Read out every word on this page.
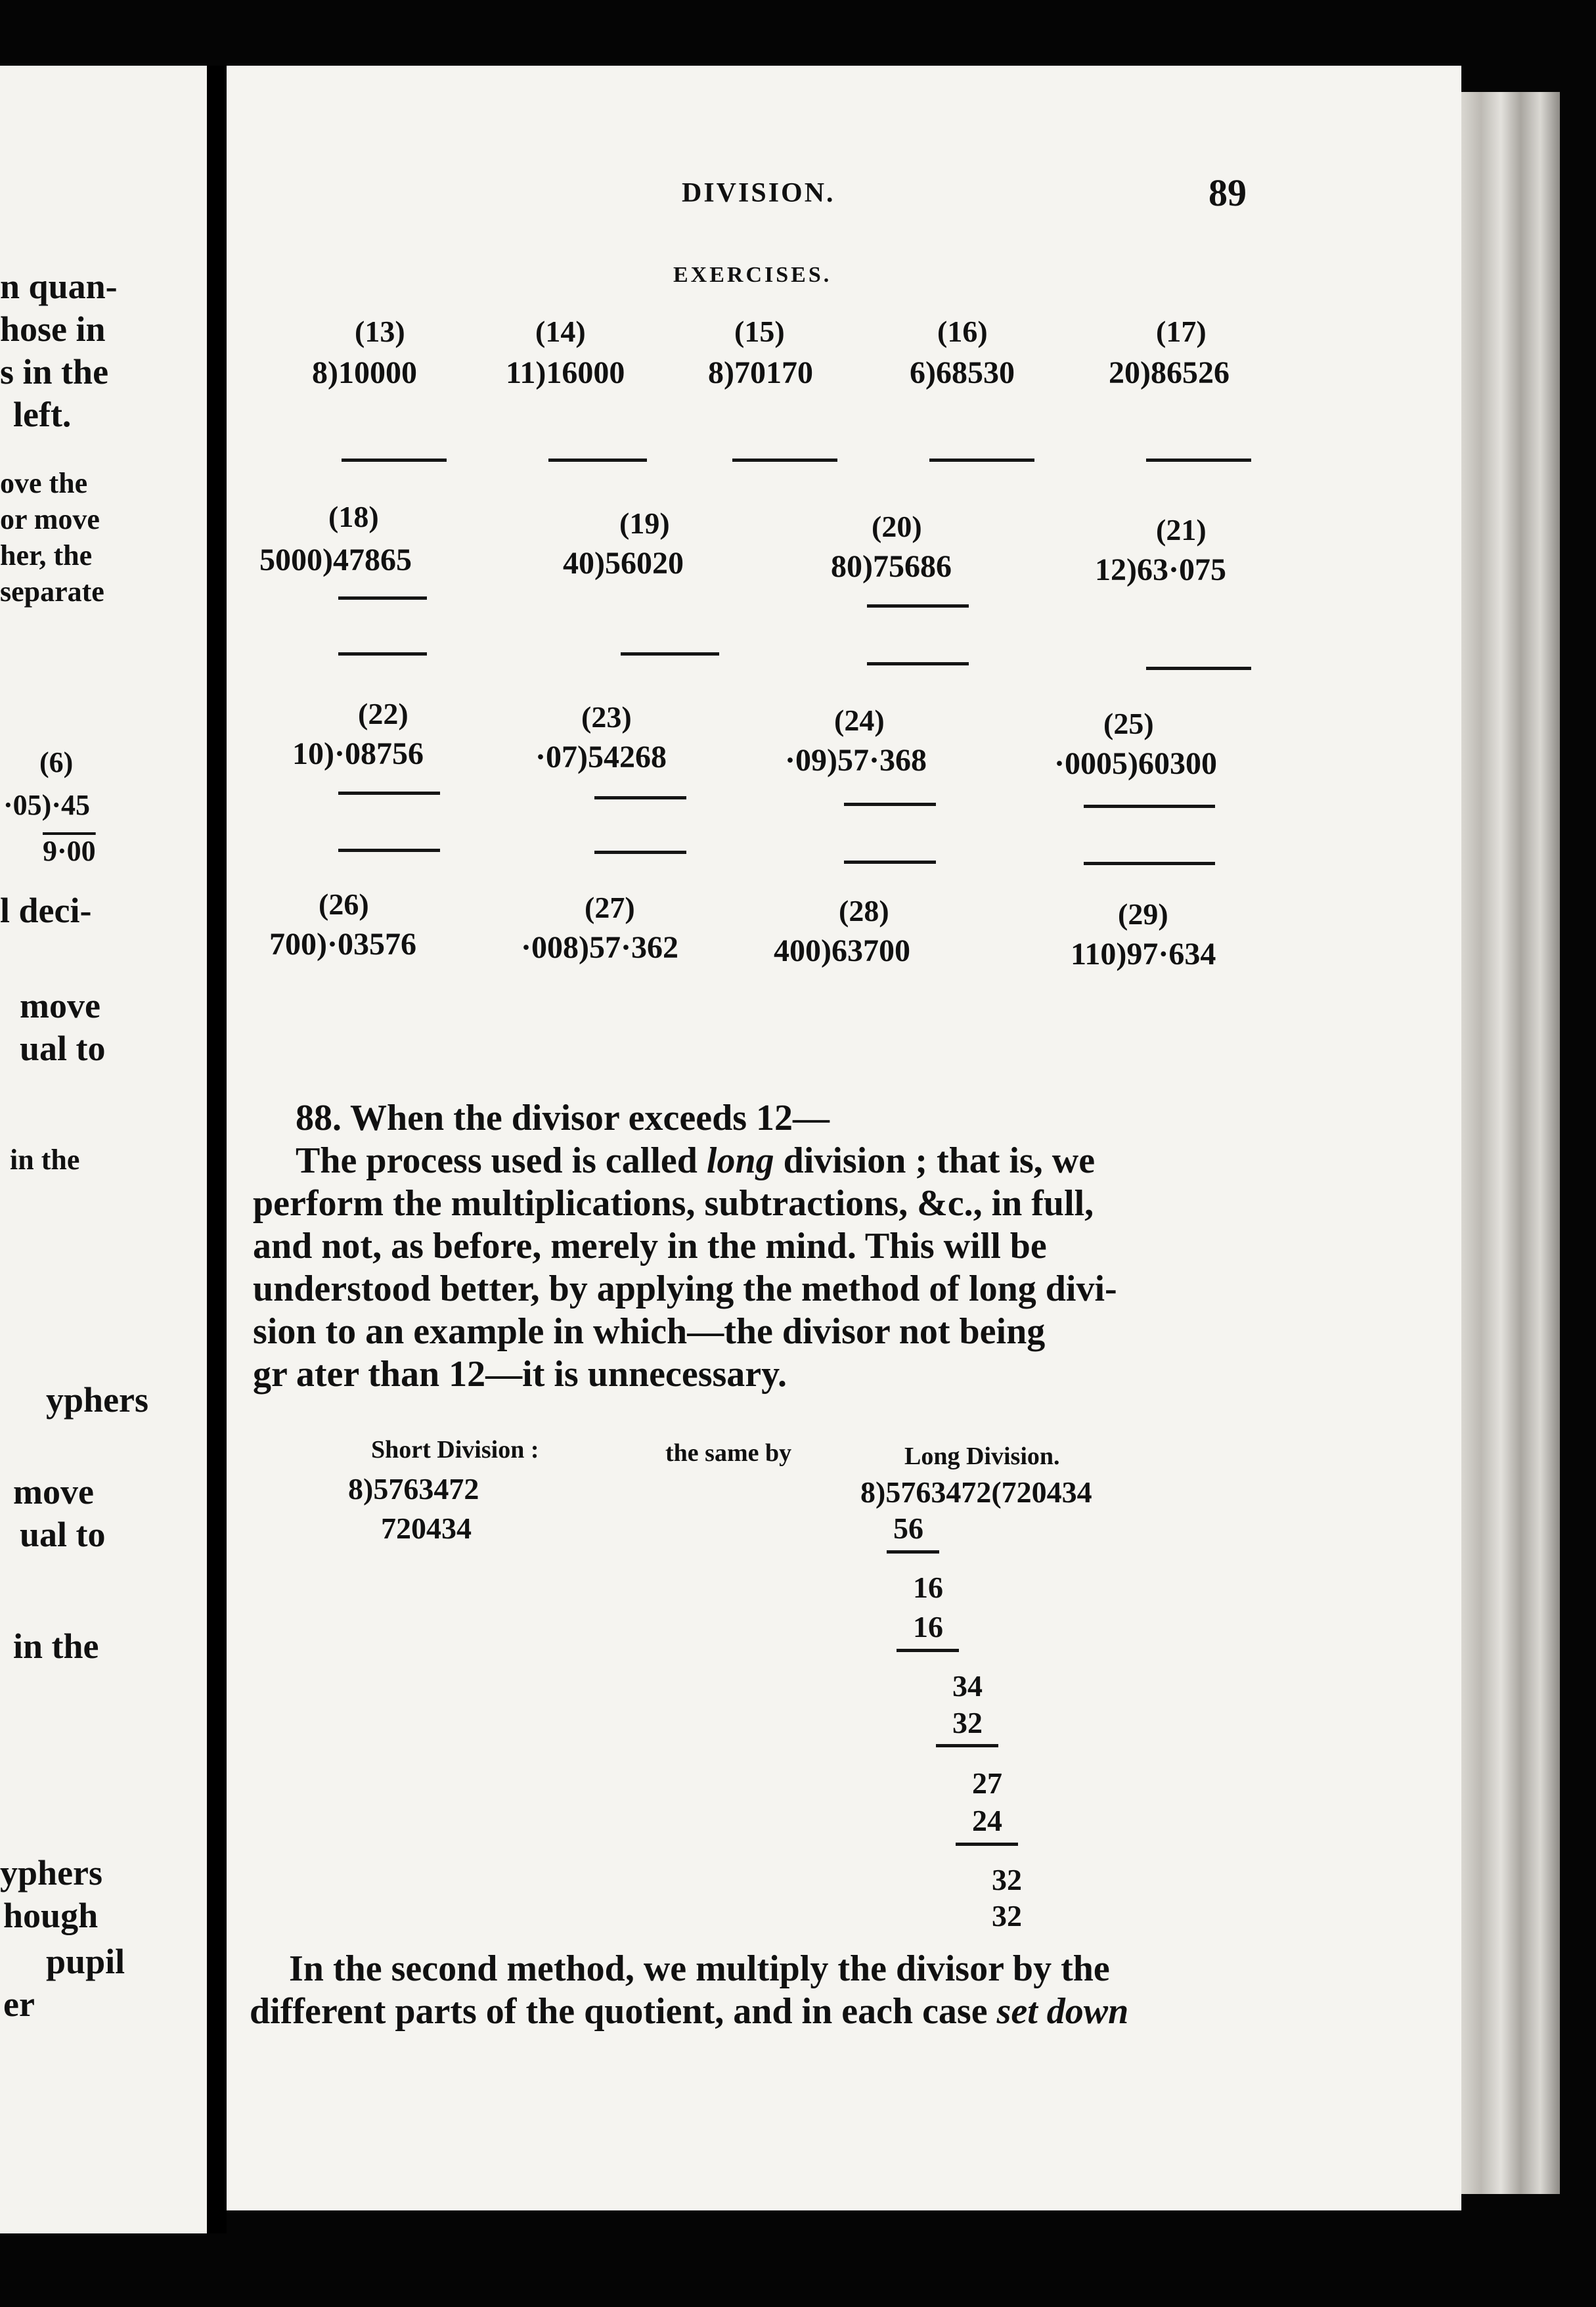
n quan-
hose in
s in the
left.
ove the
or move
her, the
separate
(6)
·05)·45
9·00
l deci-
move
ual to
in the
yphers
move
ual to
in the
yphers
hough
pupil
er
DIVISION.	89
EXERCISES.
(13)
8)10000
(14)
11)16000
(15)
8)70170
(16)
6)68530
(17)
20)86526
(18)
5000)47865
(19)
40)56020
(20)
80)75686
(21)
12)63·075
(22)
10)·08756
(23)
·07)54268
(24)
·09)57·368
(25)
·0005)60300
(26)
700)·03576
(27)
·008)57·362
(28)
400)63700
(29)
110)97·634
88. When the divisor exceeds 12—
The process used is called long division ; that is, we
perform the multiplications, subtractions, &c., in full,
and not, as before, merely in the mind. This will be
understood better, by applying the method of long divi-
sion to an example in which—the divisor not being
gr ater than 12—it is unnecessary.
Short Division :	the same by	Long Division.
8)5763472
720434
8)5763472(720434
56
16
16
34
32
27
24
32
32
In the second method, we multiply the divisor by the
different parts of the quotient, and in each case set down
